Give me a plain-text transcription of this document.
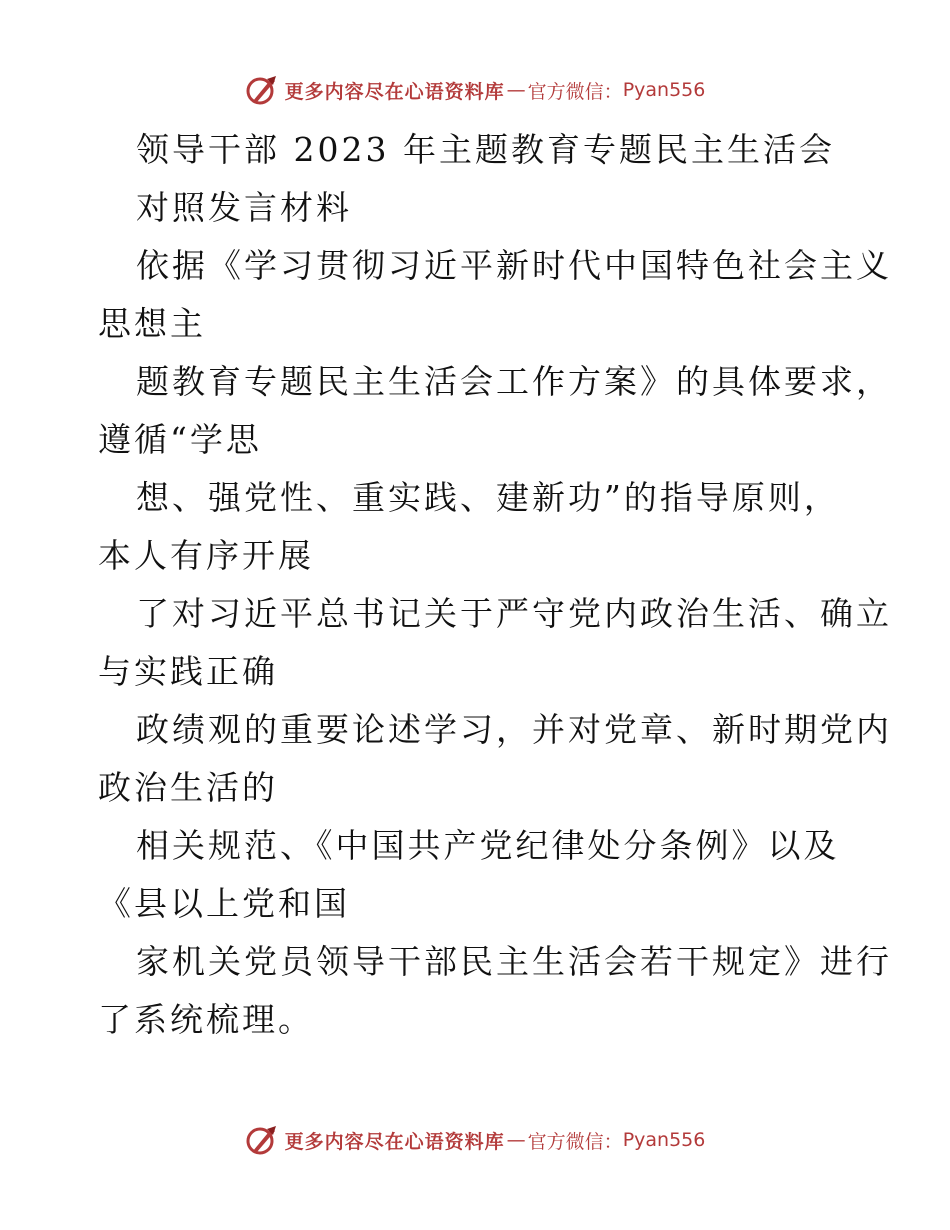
更多内容尽在心语资料库 — 官方微信： Pyan556
领导干部 2023 年主题教育专题民主生活会
对照发言材料
依据《学习贯彻习近平新时代中国特色社会主义
思想主
题教育专题民主生活会工作方案》的具体要求，
遵循“学思
想、强党性、重实践、建新功”的指导原则，
本人有序开展
了对习近平总书记关于严守党内政治生活、确立
与实践正确
政绩观的重要论述学习，并对党章、新时期党内
政治生活的
相关规范、《中国共产党纪律处分条例》以及
《县以上党和国
家机关党员领导干部民主生活会若干规定》进行
了系统梳理。
更多内容尽在心语资料库 — 官方微信： Pyan556
